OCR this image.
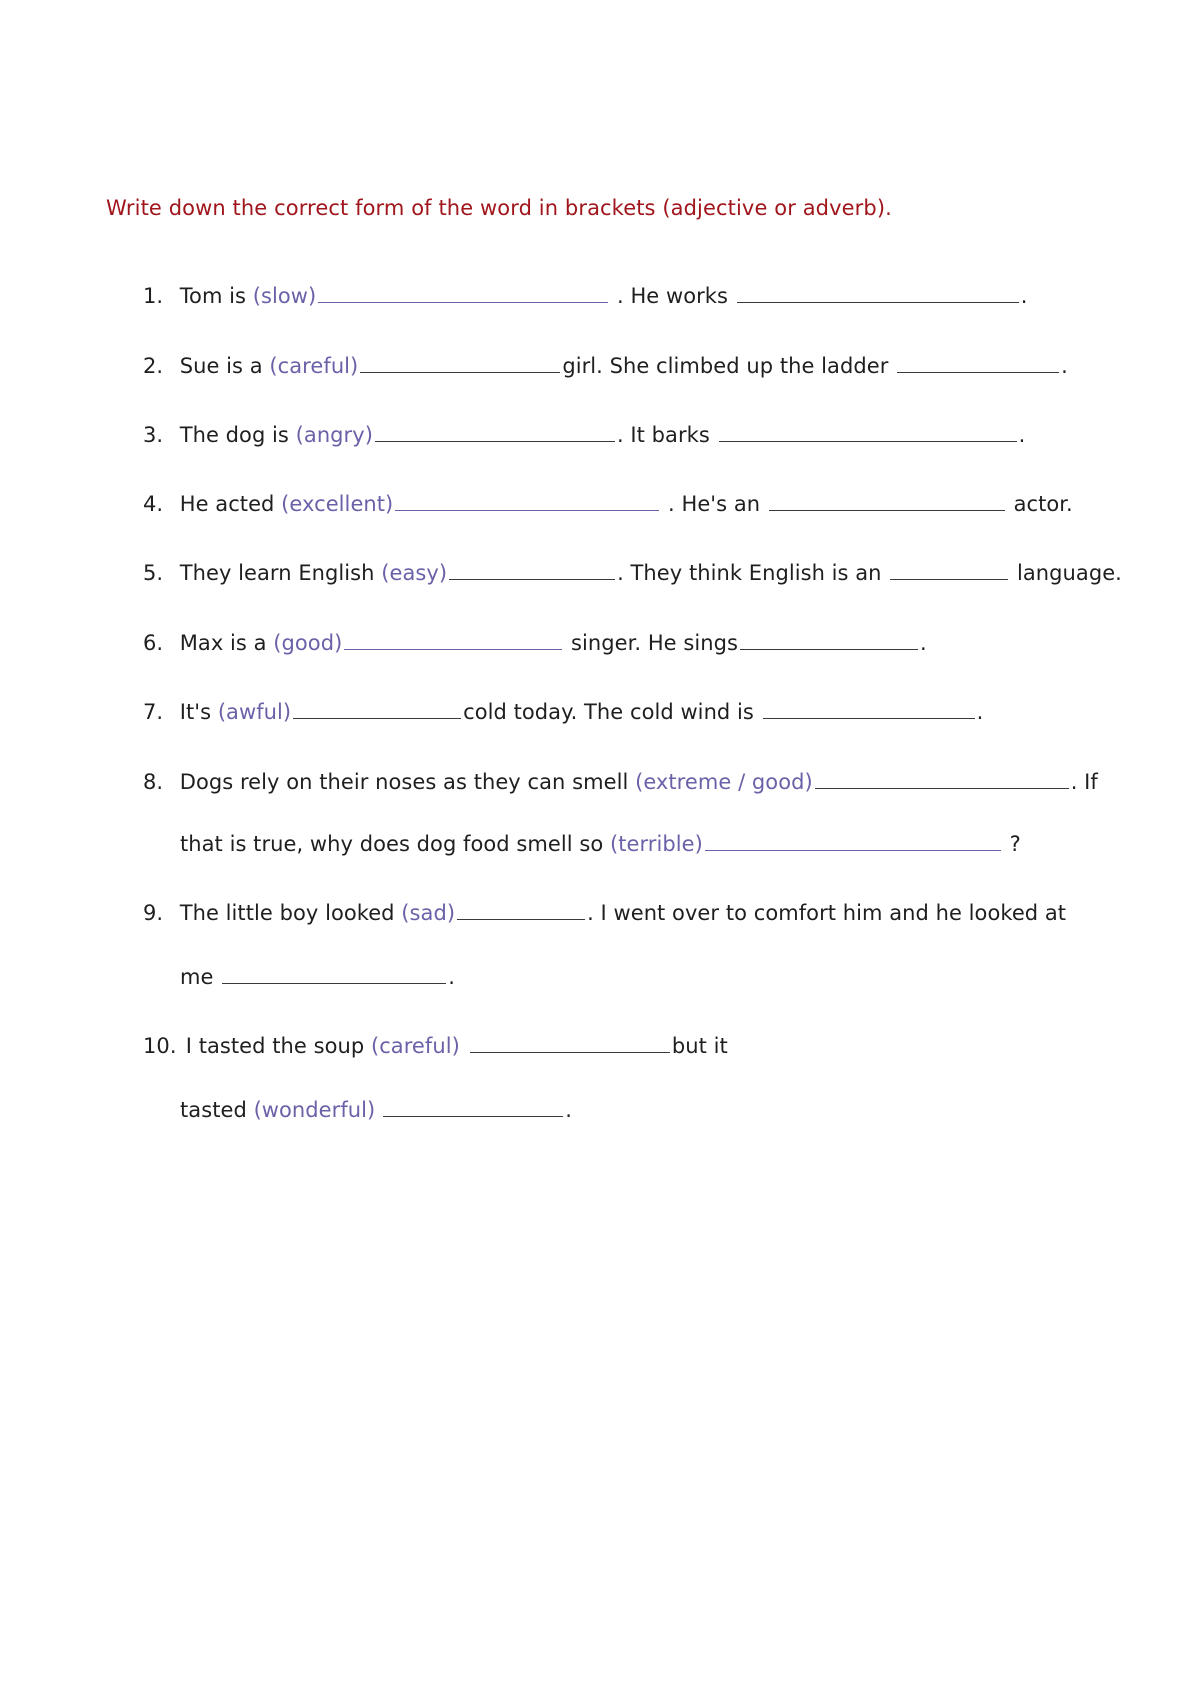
Write down the correct form of the word in brackets (adjective or adverb).
1. Tom is (slow)	. He works	.
2. Sue is a (careful)	girl. She climbed up the ladder	.
3. The dog is (angry)	. It barks	.
4. He acted (excellent)	. He's an	actor.
5. They learn English (easy)	. They think English is an	language.
6. Max is a (good)	singer. He sings	.
7. It's (awful)	cold today. The cold wind is	.
8. Dogs rely on their noses as they can smell (extreme / good)	. If
that is true, why does dog food smell so (terrible)	?
9. The little boy looked (sad)	. I went over to comfort him and he looked at
me	.
10. I tasted the soup (careful)	but it
tasted (wonderful)	.
